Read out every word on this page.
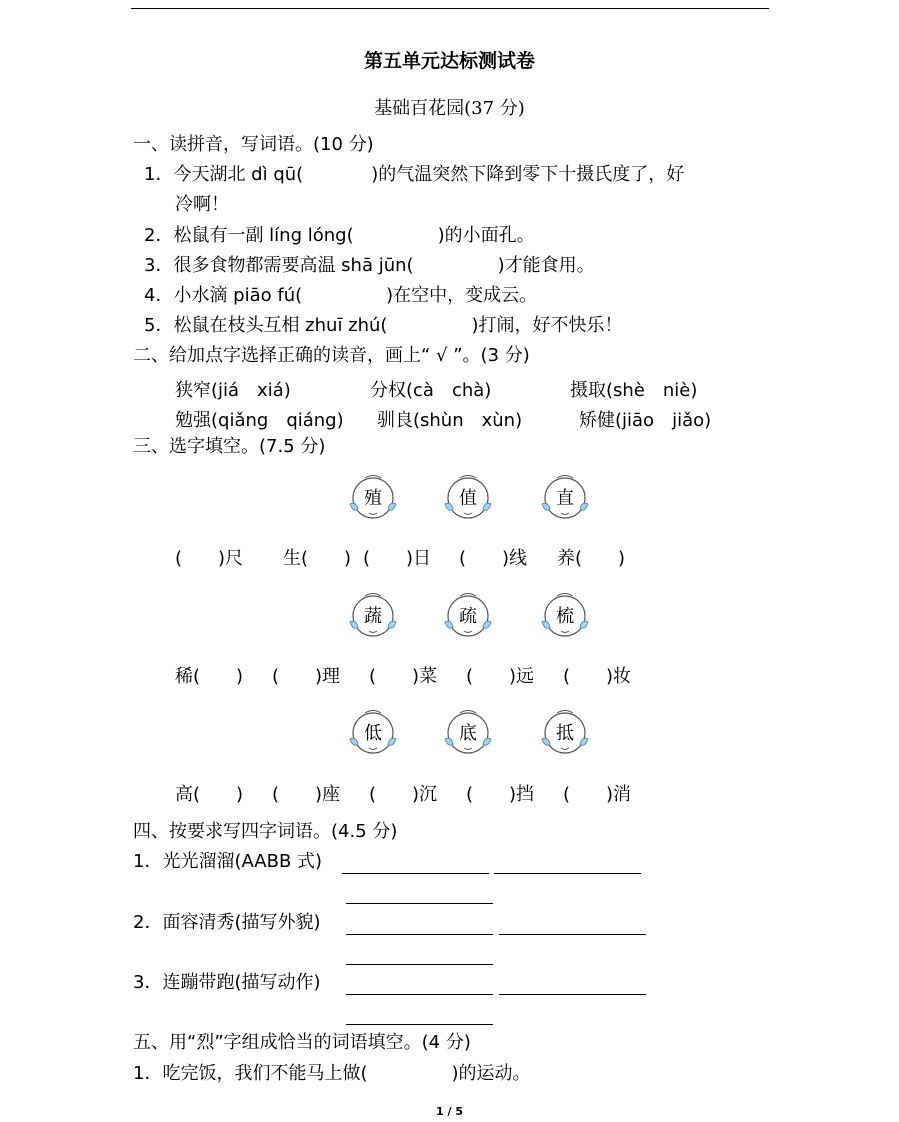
第五单元达标测试卷
基础百花园(37 分)
一、读拼音，写词语。(10 分)
1．今天湖北 dì qū(	)的气温突然下降到零下十摄氏度了，好
冷啊！
2．松鼠有一副 líng lóng(	)的小面孔。
3．很多食物都需要高温 shā jūn(	)才能食用。
4．小水滴 piāo fú(	)在空中，变成云。
5．松鼠在枝头互相 zhuī zhú(	)打闹，好不快乐！
二、给加点字选择正确的读音，画上“ √ ”。(3 分)
狭窄(jiá　xiá)	分权(cà　chà)	摄取(shè　niè)
勉强(qiǎng　qiáng) 驯良(shùn　xùn)	矫健(jiāo　jiǎo)
三、选字填空。(7.5 分)
殖	值	直
(　　)尺 生(　　) (　　)日 (　　)线 养(　　)
蔬	疏	梳
稀(　　) (　　)理 (　　)菜 (　　)远 (　　)妆
低	底	抵
高(　　) (　　)座 (　　)沉 (　　)挡 (　　)消
四、按要求写四字词语。(4.5 分)
1．光光溜溜(AABB 式)
2．面容清秀(描写外貌)
3．连蹦带跑(描写动作)
五、用“烈”字组成恰当的词语填空。(4 分)
1．吃完饭，我们不能马上做(	)的运动。
1 / 5
